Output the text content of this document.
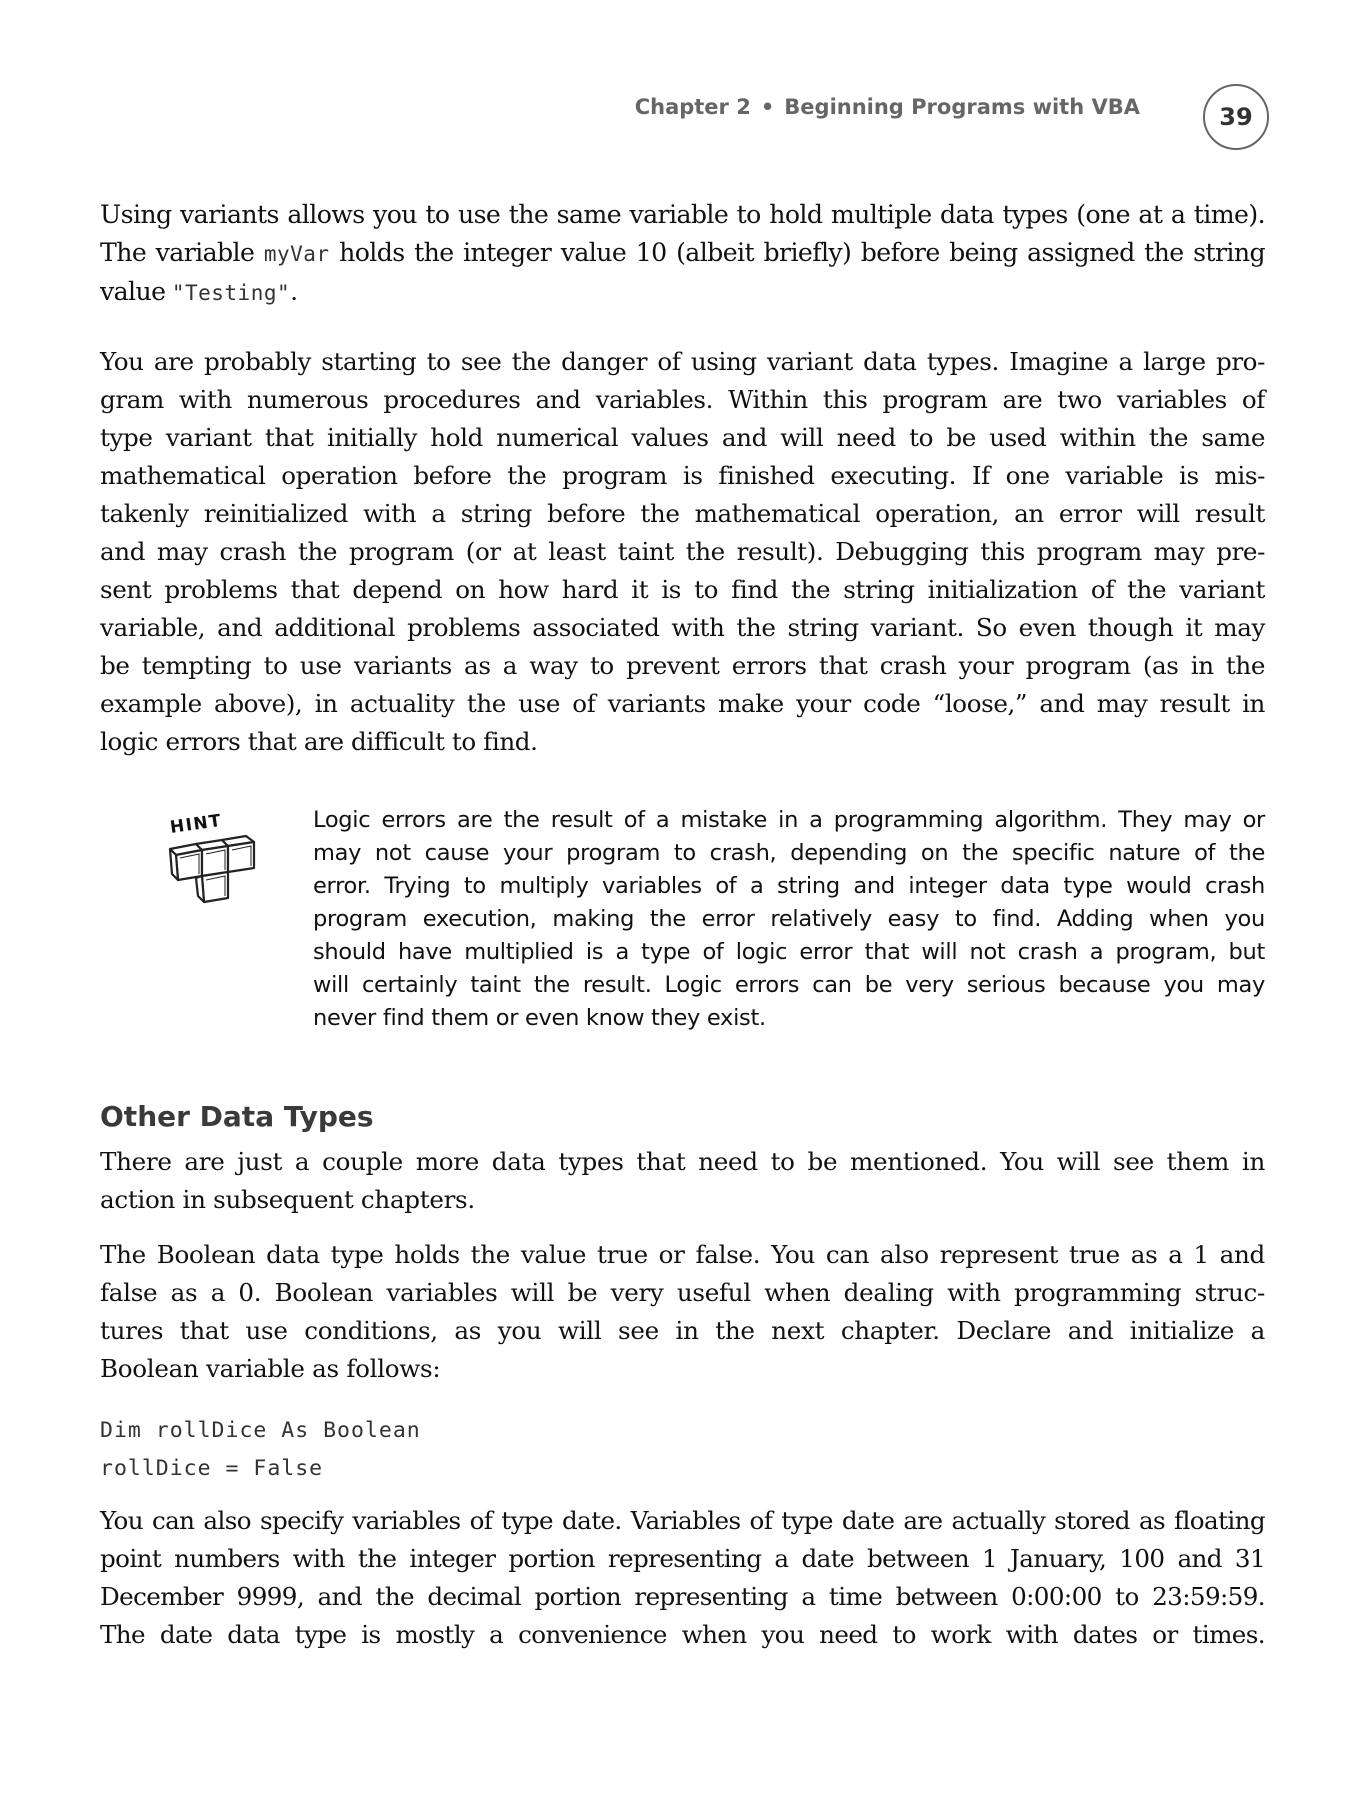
Chapter 2 • Beginning Programs with VBA	39
Using variants allows you to use the same variable to hold multiple data types (one at a time).
The variable myVar holds the integer value 10 (albeit briefly) before being assigned the string
value "Testing".
You are probably starting to see the danger of using variant data types. Imagine a large pro-
gram with numerous procedures and variables. Within this program are two variables of
type variant that initially hold numerical values and will need to be used within the same
mathematical operation before the program is finished executing. If one variable is mis-
takenly reinitialized with a string before the mathematical operation, an error will result
and may crash the program (or at least taint the result). Debugging this program may pre-
sent problems that depend on how hard it is to find the string initialization of the variant
variable, and additional problems associated with the string variant. So even though it may
be tempting to use variants as a way to prevent errors that crash your program (as in the
example above), in actuality the use of variants make your code “loose,” and may result in
logic errors that are difficult to find.
HINT	Logic errors are the result of a mistake in a programming algorithm. They may or
may not cause your program to crash, depending on the specific nature of the
error. Trying to multiply variables of a string and integer data type would crash
program execution, making the error relatively easy to find. Adding when you
should have multiplied is a type of logic error that will not crash a program, but
will certainly taint the result. Logic errors can be very serious because you may
never find them or even know they exist.
Other Data Types
There are just a couple more data types that need to be mentioned. You will see them in
action in subsequent chapters.
The Boolean data type holds the value true or false. You can also represent true as a 1 and
false as a 0. Boolean variables will be very useful when dealing with programming struc-
tures that use conditions, as you will see in the next chapter. Declare and initialize a
Boolean variable as follows:
Dim rollDice As Boolean
rollDice = False
You can also specify variables of type date. Variables of type date are actually stored as floating
point numbers with the integer portion representing a date between 1 January, 100 and 31
December 9999, and the decimal portion representing a time between 0:00:00 to 23:59:59.
The date data type is mostly a convenience when you need to work with dates or times.
